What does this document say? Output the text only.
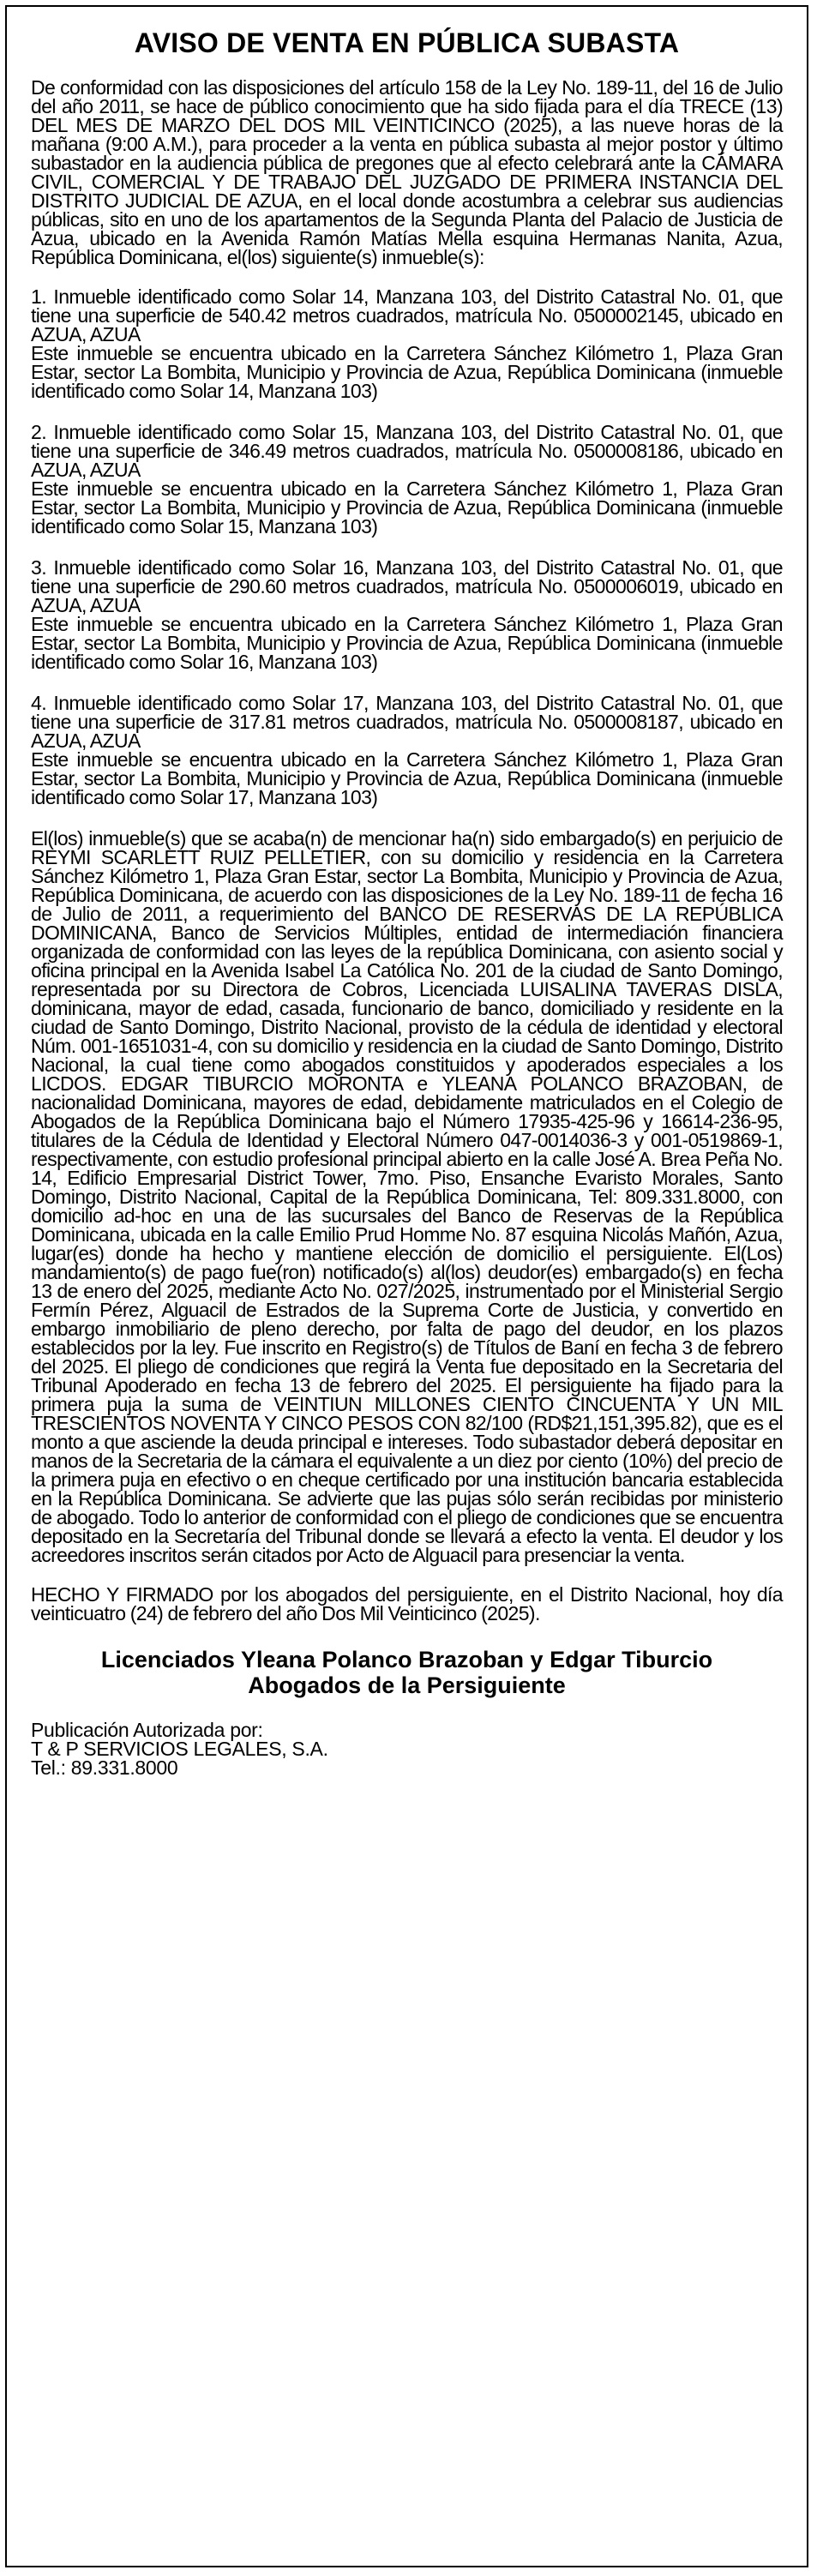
AVISO DE VENTA EN PÚBLICA SUBASTA

De conformidad con las disposiciones del artículo 158 de la Ley No. 189-11, del 16 de Julio del año 2011, se hace de público conocimiento que ha sido fijada para el día TRECE (13) DEL MES DE MARZO DEL DOS MIL VEINTICINCO (2025), a las nueve horas de la mañana (9:00 A.M.), para proceder a la venta en pública subasta al mejor postor y último subastador en la audiencia pública de pregones que al efecto celebrará ante la CÁMARA CIVIL, COMERCIAL Y DE TRABAJO DEL JUZGADO DE PRIMERA INSTANCIA DEL DISTRITO JUDICIAL DE AZUA, en el local donde acostumbra a celebrar sus audiencias públicas, sito en uno de los apartamentos de la Segunda Planta del Palacio de Justicia de Azua, ubicado en la Avenida Ramón Matías Mella esquina Hermanas Nanita, Azua, República Dominicana, el(los) siguiente(s) inmueble(s):

1. Inmueble identificado como Solar 14, Manzana 103, del Distrito Catastral No. 01, que tiene una superficie de 540.42 metros cuadrados, matrícula No. 0500002145, ubicado en AZUA, AZUA

Este inmueble se encuentra ubicado en la Carretera Sánchez Kilómetro 1, Plaza Gran Estar, sector La Bombita, Municipio y Provincia de Azua, República Dominicana (inmueble identificado como Solar 14, Manzana 103)

2. Inmueble identificado como Solar 15, Manzana 103, del Distrito Catastral No. 01, que tiene una superficie de 346.49 metros cuadrados, matrícula No. 0500008186, ubicado en AZUA, AZUA

Este inmueble se encuentra ubicado en la Carretera Sánchez Kilómetro 1, Plaza Gran Estar, sector La Bombita, Municipio y Provincia de Azua, República Dominicana (inmueble identificado como Solar 15, Manzana 103)

3. Inmueble identificado como Solar 16, Manzana 103, del Distrito Catastral No. 01, que tiene una superficie de 290.60 metros cuadrados, matrícula No. 0500006019, ubicado en AZUA, AZUA

Este inmueble se encuentra ubicado en la Carretera Sánchez Kilómetro 1, Plaza Gran Estar, sector La Bombita, Municipio y Provincia de Azua, República Dominicana (inmueble identificado como Solar 16, Manzana 103)

4. Inmueble identificado como Solar 17, Manzana 103, del Distrito Catastral No. 01, que tiene una superficie de 317.81 metros cuadrados, matrícula No. 0500008187, ubicado en AZUA, AZUA

Este inmueble se encuentra ubicado en la Carretera Sánchez Kilómetro 1, Plaza Gran Estar, sector La Bombita, Municipio y Provincia de Azua, República Dominicana (inmueble identificado como Solar 17, Manzana 103)

El(los) inmueble(s) que se acaba(n) de mencionar ha(n) sido embargado(s) en perjuicio de REYMI SCARLETT RUIZ PELLETIER, con su domicilio y residencia en la Carretera Sánchez Kilómetro 1, Plaza Gran Estar, sector La Bombita, Municipio y Provincia de Azua, República Dominicana, de acuerdo con las disposiciones de la Ley No. 189-11 de fecha 16 de Julio de 2011, a requerimiento del BANCO DE RESERVAS DE LA REPÚBLICA DOMINICANA, Banco de Servicios Múltiples, entidad de intermediación financiera organizada de conformidad con las leyes de la república Dominicana, con asiento social y oficina principal en la Avenida Isabel La Católica No. 201 de la ciudad de Santo Domingo, representada por su Directora de Cobros, Licenciada LUISALINA TAVERAS DISLA, dominicana, mayor de edad, casada, funcionario de banco, domiciliado y residente en la ciudad de Santo Domingo, Distrito Nacional, provisto de la cédula de identidad y electoral Núm. 001-1651031-4, con su domicilio y residencia en la ciudad de Santo Domingo, Distrito Nacional, la cual tiene como abogados constituidos y apoderados especiales a los LICDOS. EDGAR TIBURCIO MORONTA e YLEANA POLANCO BRAZOBAN, de nacionalidad Dominicana, mayores de edad, debidamente matriculados en el Colegio de Abogados de la República Dominicana bajo el Número 17935-425-96 y 16614-236-95, titulares de la Cédula de Identidad y Electoral Número 047-0014036-3 y 001-0519869-1, respectivamente, con estudio profesional principal abierto en la calle José A. Brea Peña No. 14, Edificio Empresarial District Tower, 7mo. Piso, Ensanche Evaristo Morales, Santo Domingo, Distrito Nacional, Capital de la República Dominicana, Tel: 809.331.8000, con domicilio ad-hoc en una de las sucursales del Banco de Reservas de la República Dominicana, ubicada en la calle Emilio Prud Homme No. 87 esquina Nicolás Mañón, Azua, lugar(es) donde ha hecho y mantiene elección de domicilio el persiguiente. El(Los) mandamiento(s) de pago fue(ron) notificado(s) al(los) deudor(es) embargado(s) en fecha 13 de enero del 2025, mediante Acto No. 027/2025, instrumentado por el Ministerial Sergio Fermín Pérez, Alguacil de Estrados de la Suprema Corte de Justicia, y convertido en embargo inmobiliario de pleno derecho, por falta de pago del deudor, en los plazos establecidos por la ley. Fue inscrito en Registro(s) de Títulos de Baní en fecha 3 de febrero del 2025. El pliego de condiciones que regirá la Venta fue depositado en la Secretaria del Tribunal Apoderado en fecha 13 de febrero del 2025. El persiguiente ha fijado para la primera puja la suma de VEINTIUN MILLONES CIENTO CINCUENTA Y UN MIL TRESCIENTOS NOVENTA Y CINCO PESOS CON 82/100 (RD$21,151,395.82), que es el monto a que asciende la deuda principal e intereses. Todo subastador deberá depositar en manos de la Secretaria de la cámara el equivalente a un diez por ciento (10%) del precio de la primera puja en efectivo o en cheque certificado por una institución bancaria establecida en la República Dominicana. Se advierte que las pujas sólo serán recibidas por ministerio de abogado. Todo lo anterior de conformidad con el pliego de condiciones que se encuentra depositado en la Secretaría del Tribunal donde se llevará a efecto la venta. El deudor y los acreedores inscritos serán citados por Acto de Alguacil para presenciar la venta.

HECHO Y FIRMADO por los abogados del persiguiente, en el Distrito Nacional, hoy día veinticuatro (24) de febrero del año Dos Mil Veinticinco (2025).

Licenciados Yleana Polanco Brazoban y Edgar Tiburcio
Abogados de la Persiguiente
Publicación Autorizada por:
T & P SERVICIOS LEGALES, S.A.
Tel.: 89.331.8000
